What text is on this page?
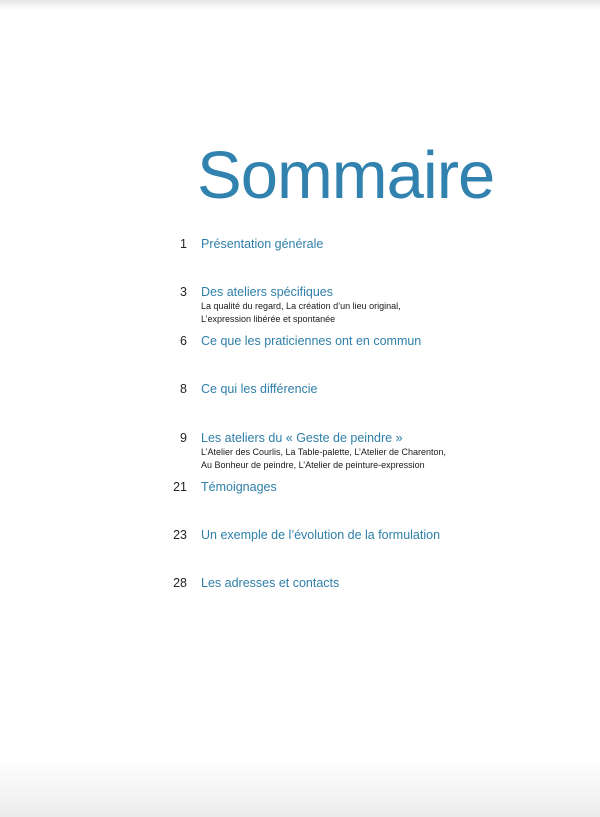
Sommaire
1 Présentation générale
3 Des ateliers spécifiques
La qualité du regard, La création d’un lieu original,
L’expression libérée et spontanée
6 Ce que les praticiennes ont en commun
8 Ce qui les différencie
9 Les ateliers du « Geste de peindre »
L’Atelier des Courlis, La Table-palette, L’Atelier de Charenton,
Au Bonheur de peindre, L’Atelier de peinture-expression
21 Témoignages
23 Un exemple de l’évolution de la formulation
28 Les adresses et contacts
